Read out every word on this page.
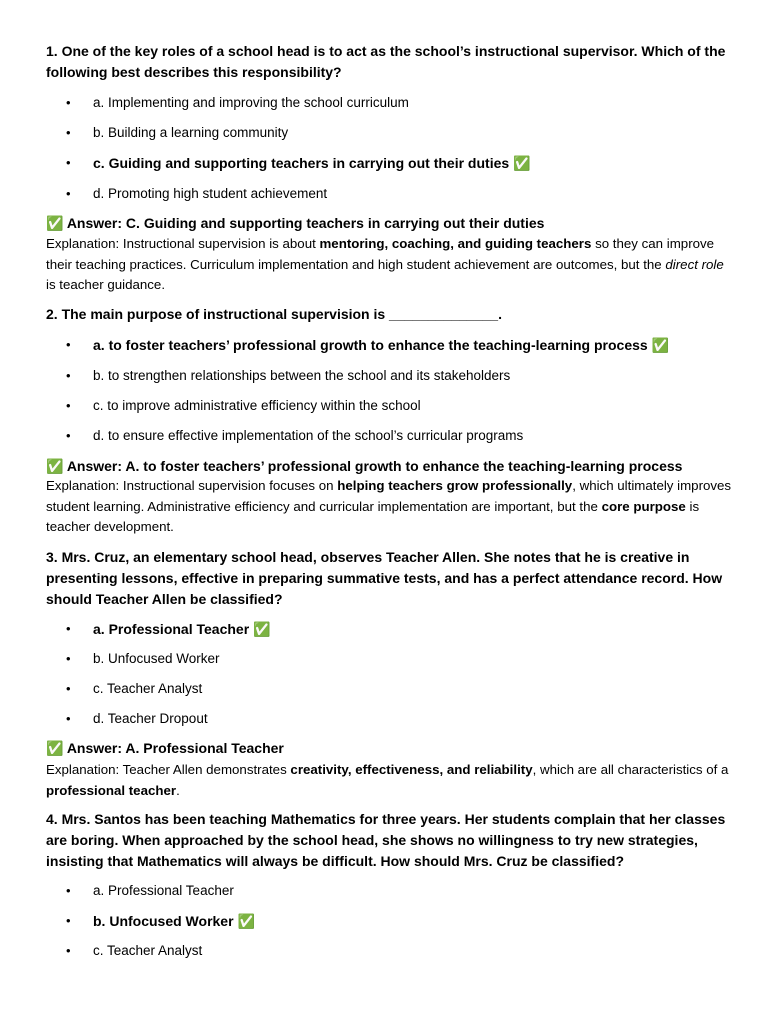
1. One of the key roles of a school head is to act as the school’s instructional supervisor. Which of the following best describes this responsibility?

• a. Implementing and improving the school curriculum
• b. Building a learning community
• c. Guiding and supporting teachers in carrying out their duties ✅
• d. Promoting high student achievement

✅ Answer: C. Guiding and supporting teachers in carrying out their duties

Explanation: Instructional supervision is about mentoring, coaching, and guiding teachers so they can improve their teaching practices. Curriculum implementation and high student achievement are outcomes, but the direct role is teacher guidance.

2. The main purpose of instructional supervision is ______________.

• a. to foster teachers’ professional growth to enhance the teaching-learning process ✅
• b. to strengthen relationships between the school and its stakeholders
• c. to improve administrative efficiency within the school
• d. to ensure effective implementation of the school’s curricular programs

✅ Answer: A. to foster teachers’ professional growth to enhance the teaching-learning process

Explanation: Instructional supervision focuses on helping teachers grow professionally, which ultimately improves student learning. Administrative efficiency and curricular implementation are important, but the core purpose is teacher development.

3. Mrs. Cruz, an elementary school head, observes Teacher Allen. She notes that he is creative in presenting lessons, effective in preparing summative tests, and has a perfect attendance record. How should Teacher Allen be classified?

• a. Professional Teacher ✅
• b. Unfocused Worker
• c. Teacher Analyst
• d. Teacher Dropout

✅ Answer: A. Professional Teacher

Explanation: Teacher Allen demonstrates creativity, effectiveness, and reliability, which are all characteristics of a professional teacher.

4. Mrs. Santos has been teaching Mathematics for three years. Her students complain that her classes are boring. When approached by the school head, she shows no willingness to try new strategies, insisting that Mathematics will always be difficult. How should Mrs. Cruz be classified?

• a. Professional Teacher
• b. Unfocused Worker ✅
• c. Teacher Analyst
